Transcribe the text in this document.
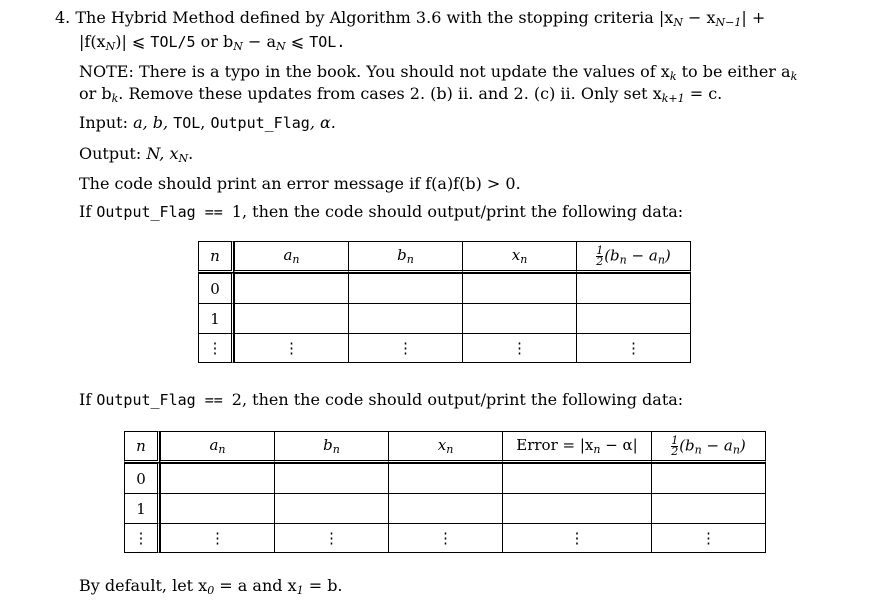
4. The Hybrid Method defined by Algorithm 3.6 with the stopping criteria $|x_N - x_{N-1}|$ +
$|f(x_N)|$ ⩽ TOL/5 or $b_N - a_N$ ⩽ TOL.
NOTE: There is a typo in the book. You should not update the values of $x_k$ to be either $a_k$
or $b_k$. Remove these updates from cases 2. (b) ii. and 2. (c) ii. Only set $x_{k+1} = c$.
Input: a, b, TOL, Output_Flag, α.
Output: N, $x_N$.
The code should print an error message if f(a)f(b) > 0.
If Output_Flag == 1, then the code should output/print the following data:
n	$a_n$	$b_n$	$x_n$	$\frac{1}{2} (b_n - a_n)$
0				
1				
⋮	⋮	⋮	⋮	⋮
If Output_Flag == 2, then the code should output/print the following data:
n	$a_n$	$b_n$	$x_n$	Error = $|x_n - \alpha|$	$\frac{1}{2} (b_n - a_n)$
0					
1					
⋮	⋮	⋮	⋮	⋮	⋮
By default, let $x_0 = a$ and $x_1 = b$.
